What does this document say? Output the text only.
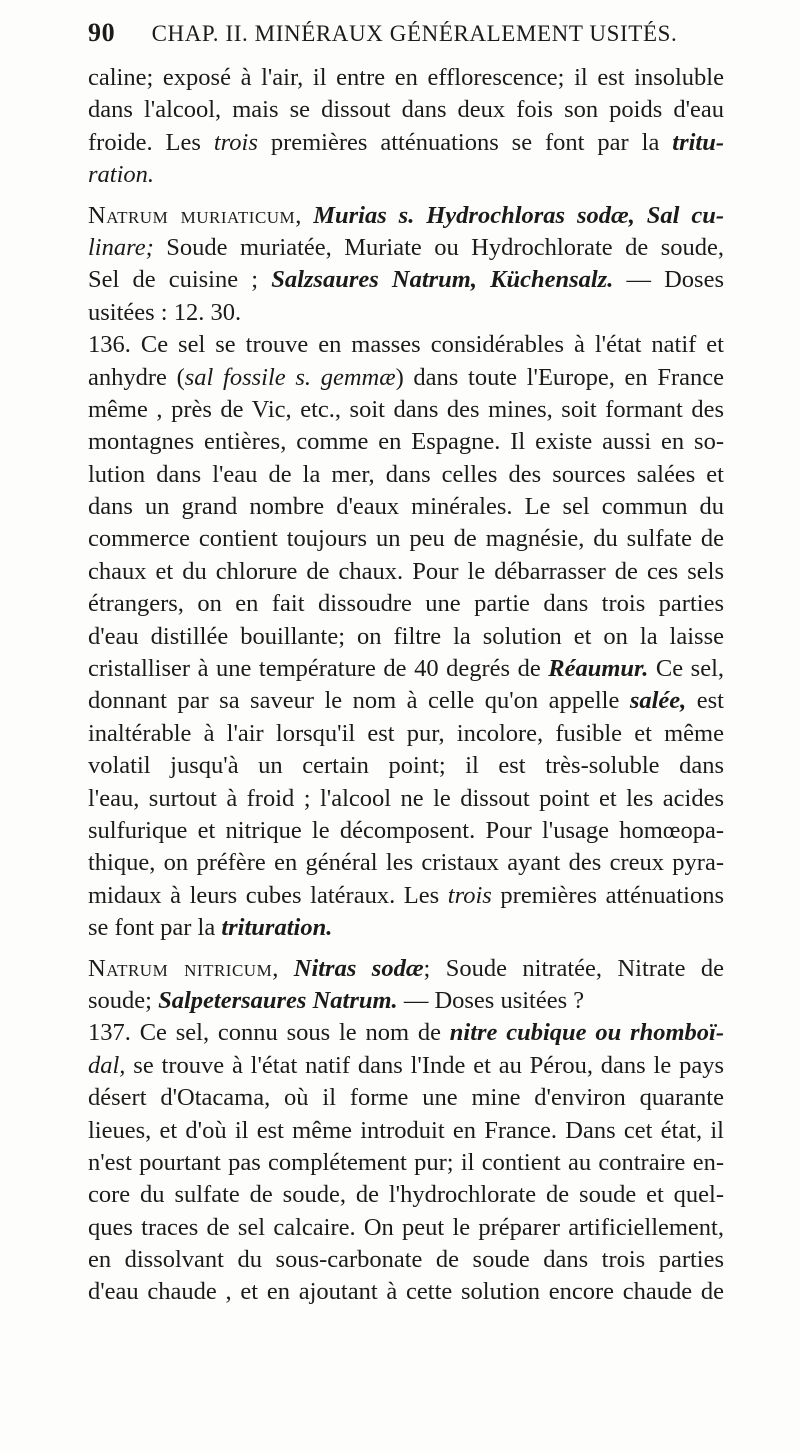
90 CHAP. II. MINÉRAUX GÉNÉRALEMENT USITÉS.
caline; exposé à l'air, il entre en efflorescence; il est insoluble
dans l'alcool, mais se dissout dans deux fois son poids d'eau
froide. Les trois premières atténuations se font par la tritu-
ration.
Natrum muriaticum, Murias s. Hydrochloras sodæ, Sal cu-
linare; Soude muriatée, Muriate ou Hydrochlorate de soude,
Sel de cuisine ; Salzsaures Natrum, Küchensalz. — Doses
usitées : 12. 30.
136. Ce sel se trouve en masses considérables à l'état natif et
anhydre (sal fossile s. gemmæ) dans toute l'Europe, en France
même , près de Vic, etc., soit dans des mines, soit formant des
montagnes entières, comme en Espagne. Il existe aussi en so-
lution dans l'eau de la mer, dans celles des sources salées et
dans un grand nombre d'eaux minérales. Le sel commun du
commerce contient toujours un peu de magnésie, du sulfate de
chaux et du chlorure de chaux. Pour le débarrasser de ces sels
étrangers, on en fait dissoudre une partie dans trois parties
d'eau distillée bouillante; on filtre la solution et on la laisse
cristalliser à une température de 40 degrés de Réaumur. Ce sel,
donnant par sa saveur le nom à celle qu'on appelle salée, est
inaltérable à l'air lorsqu'il est pur, incolore, fusible et même
volatil jusqu'à un certain point; il est très-soluble dans
l'eau, surtout à froid ; l'alcool ne le dissout point et les acides
sulfurique et nitrique le décomposent. Pour l'usage homœopa-
thique, on préfère en général les cristaux ayant des creux pyra-
midaux à leurs cubes latéraux. Les trois premières atténuations
se font par la trituration.
Natrum nitricum, Nitras sodæ; Soude nitratée, Nitrate de
soude; Salpetersaures Natrum. — Doses usitées ?
137. Ce sel, connu sous le nom de nitre cubique ou rhomboï-
dal, se trouve à l'état natif dans l'Inde et au Pérou, dans le pays
désert d'Otacama, où il forme une mine d'environ quarante
lieues, et d'où il est même introduit en France. Dans cet état, il
n'est pourtant pas complétement pur; il contient au contraire en-
core du sulfate de soude, de l'hydrochlorate de soude et quel-
ques traces de sel calcaire. On peut le préparer artificiellement,
en dissolvant du sous-carbonate de soude dans trois parties
d'eau chaude , et en ajoutant à cette solution encore chaude de
